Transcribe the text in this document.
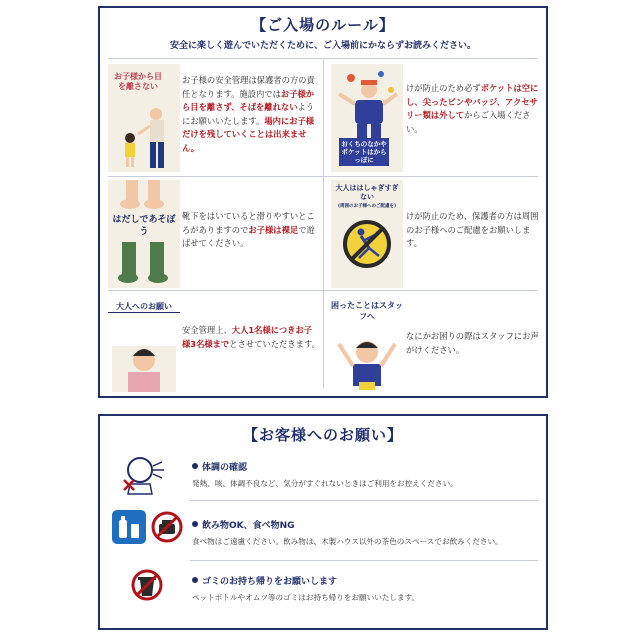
【ご入場のルール】
安全に楽しく遊んでいただくために、ご入場前にかならずお読みください。
お子様から目を離さない
お子様の安全管理は保護者の方の責任となります。施設内ではお子様から目を離さず、そばを離れないようにお願いいたします。場内にお子様だけを残していくことは出来ません。	おくちのなかやポケットはからっぽに
けが防止のため必ずポケットは空にし、尖ったピンやバッジ、アクセサリー類は外してからご入場ください。
はだしであそぼう
靴下をはいていると滑りやすいところがありますのでお子様は裸足で遊ばせてください。
大人ははしゃぎすぎない
(周囲のお子様へのご配慮を)
けが防止のため、保護者の方は周囲のお子様へのご配慮をお願いします。
大人へのお願い
安全管理上、大人1名様につきお子様3名様までとさせていただきます。
困ったことはスタッフへ
なにかお困りの際はスタッフにお声がけください。
【お客様へのお願い】
体調の確認
発熱、咳、体調不良など、気分がすぐれないときはご利用をお控えください。
飲み物OK、食べ物NG
食べ物はご遠慮ください。飲み物は、木製ハウス以外の茶色のスペースでお飲みください。
ゴミのお持ち帰りをお願いします
ペットボトルやオムツ等のゴミはお持ち帰りをお願いいたします。
